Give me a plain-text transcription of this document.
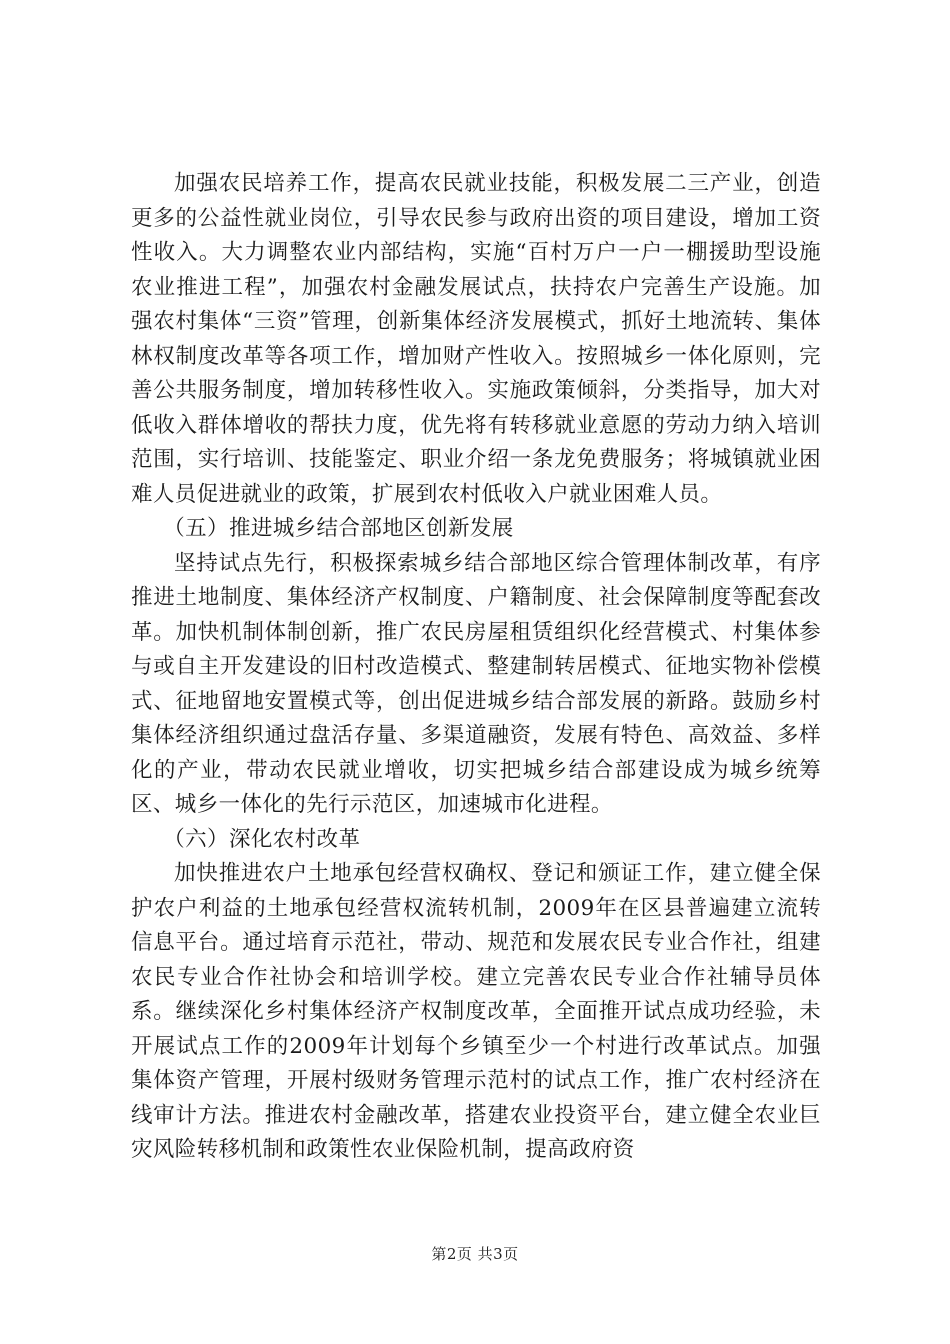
加强农民培养工作，提高农民就业技能，积极发展二三产业，创造更多的公益性就业岗位，引导农民参与政府出资的项目建设，增加工资性收入。大力调整农业内部结构，实施“百村万户一户一棚援助型设施农业推进工程”，加强农村金融发展试点，扶持农户完善生产设施。加强农村集体“三资”管理，创新集体经济发展模式，抓好土地流转、集体林权制度改革等各项工作，增加财产性收入。按照城乡一体化原则，完善公共服务制度，增加转移性收入。实施政策倾斜，分类指导，加大对低收入群体增收的帮扶力度，优先将有转移就业意愿的劳动力纳入培训范围，实行培训、技能鉴定、职业介绍一条龙免费服务；将城镇就业困难人员促进就业的政策，扩展到农村低收入户就业困难人员。

（五）推进城乡结合部地区创新发展

坚持试点先行，积极探索城乡结合部地区综合管理体制改革，有序推进土地制度、集体经济产权制度、户籍制度、社会保障制度等配套改革。加快机制体制创新，推广农民房屋租赁组织化经营模式、村集体参与或自主开发建设的旧村改造模式、整建制转居模式、征地实物补偿模式、征地留地安置模式等，创出促进城乡结合部发展的新路。鼓励乡村集体经济组织通过盘活存量、多渠道融资，发展有特色、高效益、多样化的产业，带动农民就业增收，切实把城乡结合部建设成为城乡统筹区、城乡一体化的先行示范区，加速城市化进程。

（六）深化农村改革

加快推进农户土地承包经营权确权、登记和颁证工作，建立健全保护农户利益的土地承包经营权流转机制，2009年在区县普遍建立流转信息平台。通过培育示范社，带动、规范和发展农民专业合作社，组建农民专业合作社协会和培训学校。建立完善农民专业合作社辅导员体系。继续深化乡村集体经济产权制度改革，全面推开试点成功经验，未开展试点工作的2009年计划每个乡镇至少一个村进行改革试点。加强集体资产管理，开展村级财务管理示范村的试点工作，推广农村经济在线审计方法。推进农村金融改革，搭建农业投资平台，建立健全农业巨灾风险转移机制和政策性农业保险机制，提高政府资

第2页 共3页
